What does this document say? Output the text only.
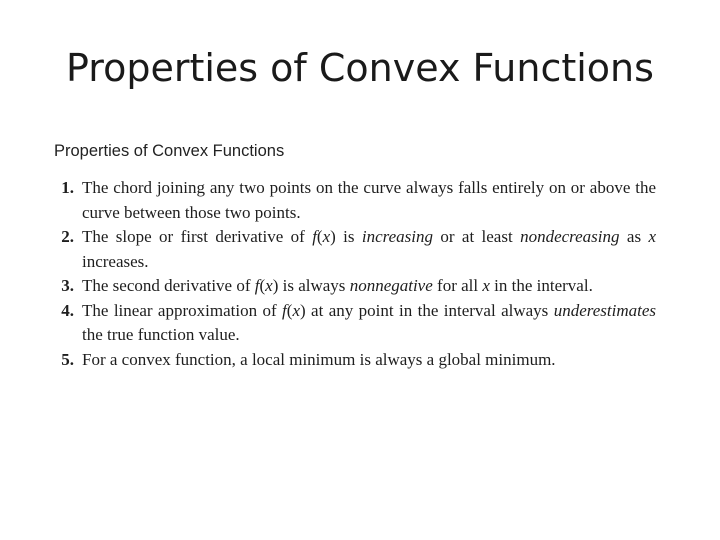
Properties of Convex Functions
Properties of Convex Functions
1. The chord joining any two points on the curve always falls entirely on or above the curve between those two points.
2. The slope or first derivative of f(x) is increasing or at least nondecreasing as x increases.
3. The second derivative of f(x) is always nonnegative for all x in the interval.
4. The linear approximation of f(x) at any point in the interval always underestimates the true function value.
5. For a convex function, a local minimum is always a global minimum.
